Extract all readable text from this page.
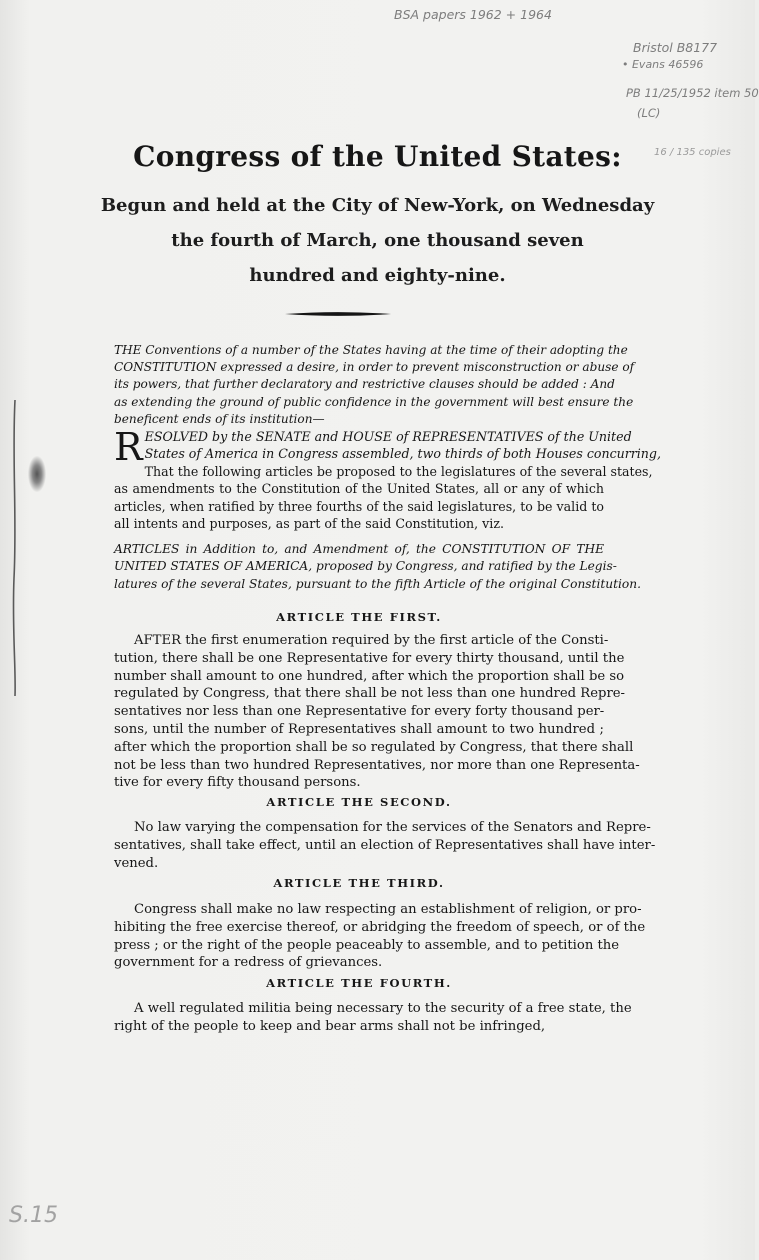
BSA papers 1962 + 1964
Bristol B8177
• Evans 46596
PB 11/25/1952 item 50
(LC)
16 / 135 copies
S.15
Congress of the United States:
Begun and held at the City of New-York, on Wednesday
the fourth of March, one thousand seven
hundred and eighty-nine.
THE Conventions of a number of the States having at the time of their adopting the
CONSTITUTION expressed a desire, in order to prevent misconstruction or abuse of
its powers, that further declaratory and restrictive clauses should be added : And
as extending the ground of public confidence in the government will best ensure the
beneficent ends of its institution—
R ESOLVED by the SENATE and HOUSE of REPRESENTATIVES of the United
States of America in Congress assembled, two thirds of both Houses concurring,
That the following articles be proposed to the legislatures of the several states,
as amendments to the Constitution of the United States, all or any of which
articles, when ratified by three fourths of the said legislatures, to be valid to
all intents and purposes, as part of the said Constitution, viz.
ARTICLES in Addition to, and Amendment of, the CONSTITUTION OF THE
UNITED STATES OF AMERICA, proposed by Congress, and ratified by the Legis-
latures of the several States, pursuant to the fifth Article of the original Constitution.
ARTICLE THE FIRST.
AFTER the first enumeration required by the first article of the Consti-
tution, there shall be one Representative for every thirty thousand, until the
number shall amount to one hundred, after which the proportion shall be so
regulated by Congress, that there shall be not less than one hundred Repre-
sentatives nor less than one Representative for every forty thousand per-
sons, until the number of Representatives shall amount to two hundred ;
after which the proportion shall be so regulated by Congress, that there shall
not be less than two hundred Representatives, nor more than one Representa-
tive for every fifty thousand persons.
ARTICLE THE SECOND.
No law varying the compensation for the services of the Senators and Repre-
sentatives, shall take effect, until an election of Representatives shall have inter-
vened.
ARTICLE THE THIRD.
Congress shall make no law respecting an establishment of religion, or pro-
hibiting the free exercise thereof, or abridging the freedom of speech, or of the
press ; or the right of the people peaceably to assemble, and to petition the
government for a redress of grievances.
ARTICLE THE FOURTH.
A well regulated militia being necessary to the security of a free state, the
right of the people to keep and bear arms shall not be infringed,
